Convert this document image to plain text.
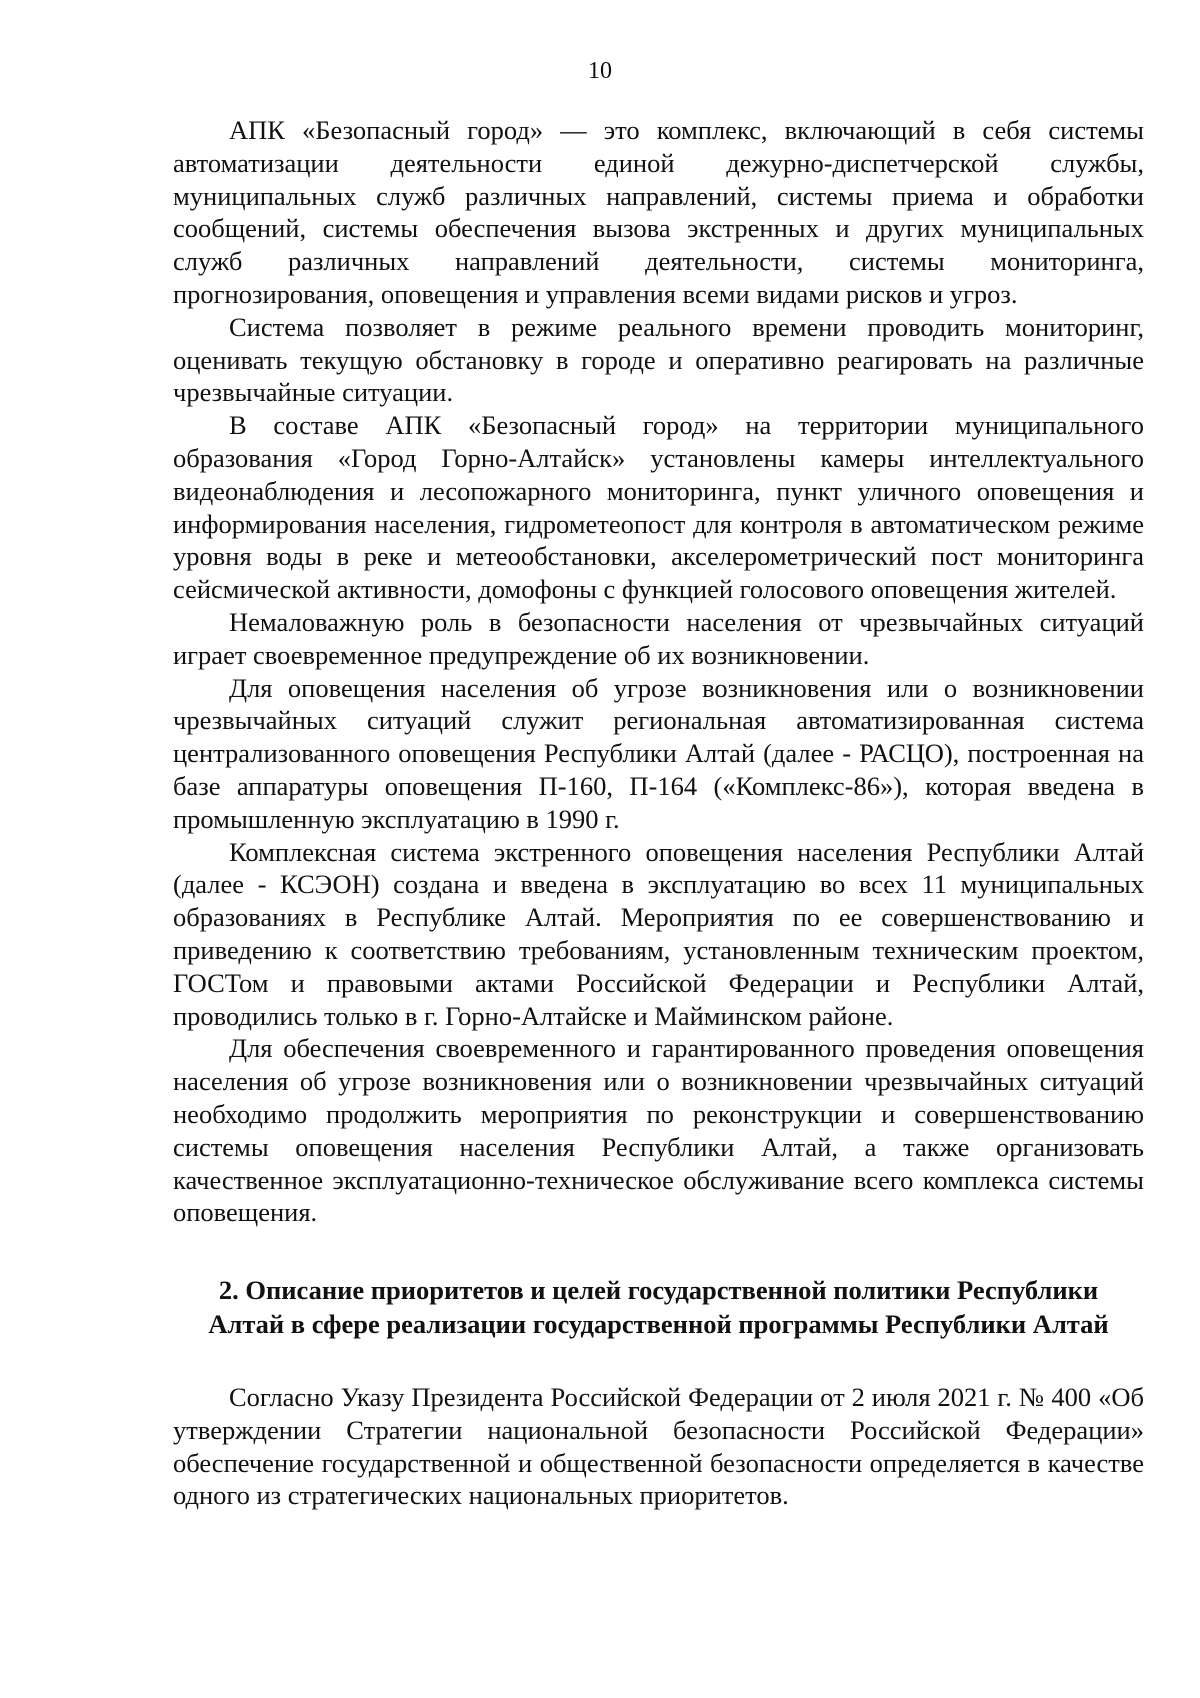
10

АПК «Безопасный город» — это комплекс, включающий в себя системы автоматизации деятельности единой дежурно-диспетчерской службы, муниципальных служб различных направлений, системы приема и обработки сообщений, системы обеспечения вызова экстренных и других муниципальных служб различных направлений деятельности, системы мониторинга, прогнозирования, оповещения и управления всеми видами рисков и угроз.

Система позволяет в режиме реального времени проводить мониторинг, оценивать текущую обстановку в городе и оперативно реагировать на различные чрезвычайные ситуации.

В составе АПК «Безопасный город» на территории муниципального образования «Город Горно-Алтайск» установлены камеры интеллектуального видеонаблюдения и лесопожарного мониторинга, пункт уличного оповещения и информирования населения, гидрометеопост для контроля в автоматическом режиме уровня воды в реке и метеообстановки, акселерометрический пост мониторинга сейсмической активности, домофоны с функцией голосового оповещения жителей.

Немаловажную роль в безопасности населения от чрезвычайных ситуаций играет своевременное предупреждение об их возникновении.

Для оповещения населения об угрозе возникновения или о возникновении чрезвычайных ситуаций служит региональная автоматизированная система централизованного оповещения Республики Алтай (далее - РАСЦО), построенная на базе аппаратуры оповещения П-160, П-164 («Комплекс-86»), которая введена в промышленную эксплуатацию в 1990 г.

Комплексная система экстренного оповещения населения Республики Алтай (далее - КСЭОН) создана и введена в эксплуатацию во всех 11 муниципальных образованиях в Республике Алтай. Мероприятия по ее совершенствованию и приведению к соответствию требованиям, установленным техническим проектом, ГОСТом и правовыми актами Российской Федерации и Республики Алтай, проводились только в г. Горно-Алтайске и Майминском районе.

Для обеспечения своевременного и гарантированного проведения оповещения населения об угрозе возникновения или о возникновении чрезвычайных ситуаций необходимо продолжить мероприятия по реконструкции и совершенствованию системы оповещения населения Республики Алтай, а также организовать качественное эксплуатационно-техническое обслуживание всего комплекса системы оповещения.

2. Описание приоритетов и целей государственной политики Республики
Алтай в сфере реализации государственной программы Республики Алтай

Согласно Указу Президента Российской Федерации от 2 июля 2021 г. № 400 «Об утверждении Стратегии национальной безопасности Российской Федерации» обеспечение государственной и общественной безопасности определяется в качестве одного из стратегических национальных приоритетов.
